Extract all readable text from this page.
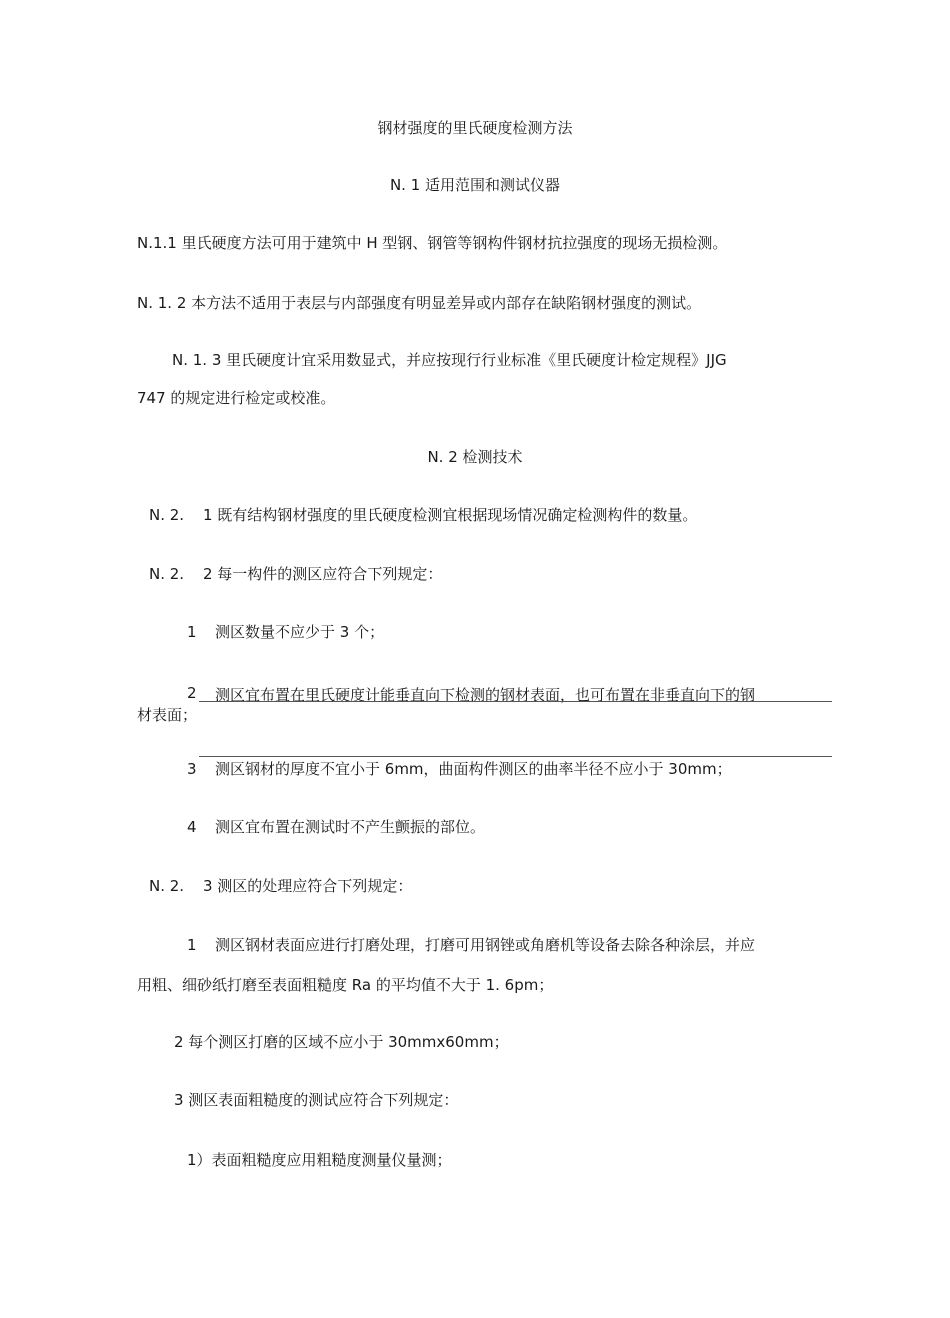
钢材强度的里氏硬度检测方法
N. 1 适用范围和测试仪器
N.1.1 里氏硬度方法可用于建筑中 H 型钢、钢管等钢构件钢材抗拉强度的现场无损检测。
N. 1. 2 本方法不适用于表层与内部强度有明显差异或内部存在缺陷钢材强度的测试。
N. 1. 3 里氏硬度计宜采用数显式，并应按现行行业标准《里氏硬度计检定规程》JJG
747 的规定进行检定或校准。
N. 2 检测技术
N. 2. 1 既有结构钢材强度的里氏硬度检测宜根据现场情况确定检测构件的数量。
N. 2. 2 每一构件的测区应符合下列规定：
1 测区数量不应少于 3 个；
2 测区宜布置在里氏硬度计能垂直向下检测的钢材表面，也可布置在非垂直向下的钢
材表面；
3 测区钢材的厚度不宜小于 6mm，曲面构件测区的曲率半径不应小于 30mm；
4 测区宜布置在测试时不产生颤振的部位。
N. 2. 3 测区的处理应符合下列规定：
1 测区钢材表面应进行打磨处理，打磨可用钢锉或角磨机等设备去除各种涂层，并应
用粗、细砂纸打磨至表面粗糙度 Ra 的平均值不大于 1. 6pm；
2 每个测区打磨的区域不应小于 30mmx60mm；
3 测区表面粗糙度的测试应符合下列规定：
1）表面粗糙度应用粗糙度测量仪量测；
